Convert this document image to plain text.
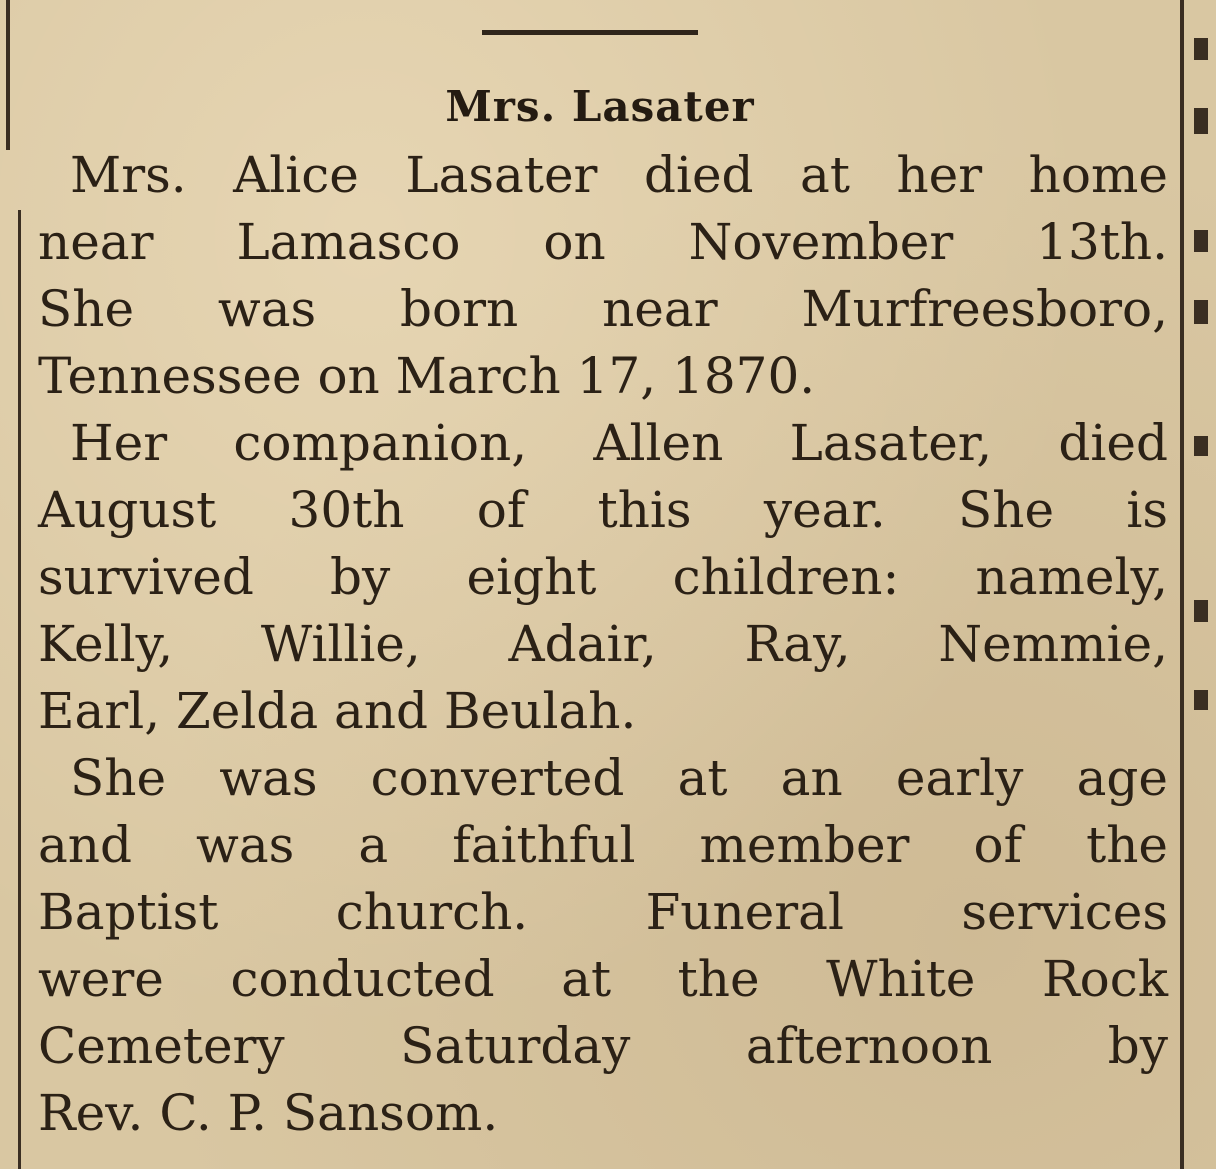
Mrs. Lasater
Mrs. Alice Lasater died at her home
near Lamasco on November 13th.
She was born near Murfreesboro,
Tennessee on March 17, 1870.
Her companion, Allen Lasater, died
August 30th of this year. She is
survived by eight children: namely,
Kelly, Willie, Adair, Ray, Nemmie,
Earl, Zelda and Beulah.
She was converted at an early age
and was a faithful member of the
Baptist church. Funeral services
were conducted at the White Rock
Cemetery Saturday afternoon by
Rev. C. P. Sansom.
